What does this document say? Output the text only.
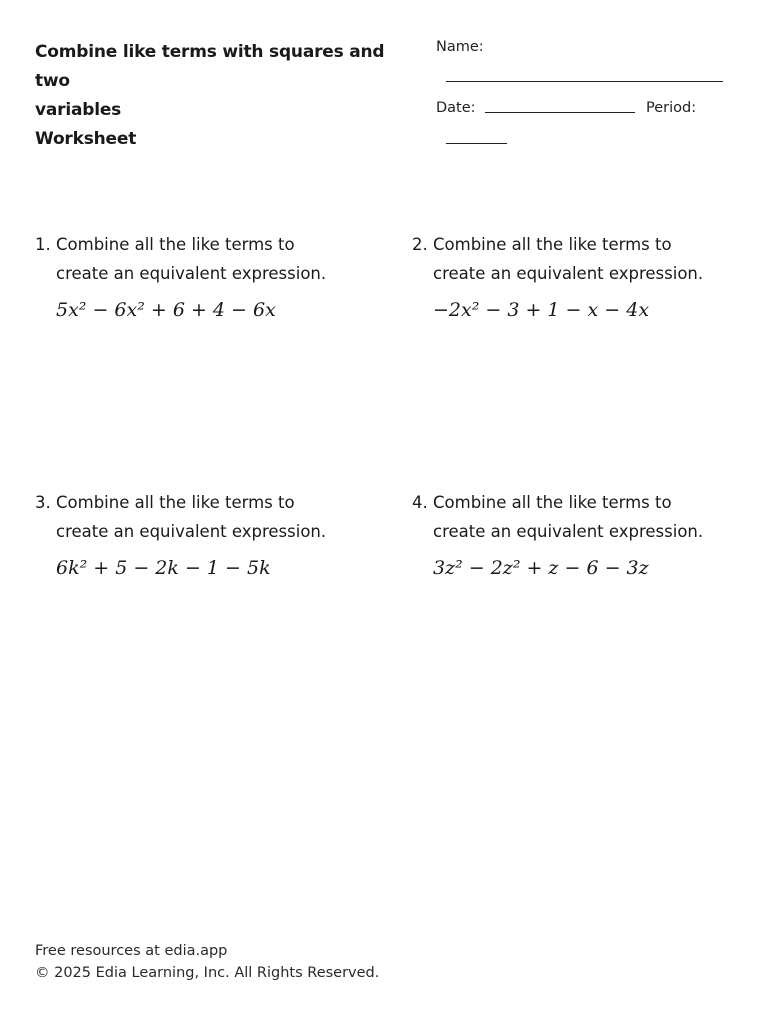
Combine like terms with squares and two
variables
Worksheet
Name:
Date:	Period:
1. Combine all the like terms to
create an equivalent expression.
5x² − 6x² + 6 + 4 − 6x
2. Combine all the like terms to
create an equivalent expression.
−2x² − 3 + 1 − x − 4x
3. Combine all the like terms to
create an equivalent expression.
6k² + 5 − 2k − 1 − 5k
4. Combine all the like terms to
create an equivalent expression.
3z² − 2z² + z − 6 − 3z
Free resources at edia.app
© 2025 Edia Learning, Inc. All Rights Reserved.
